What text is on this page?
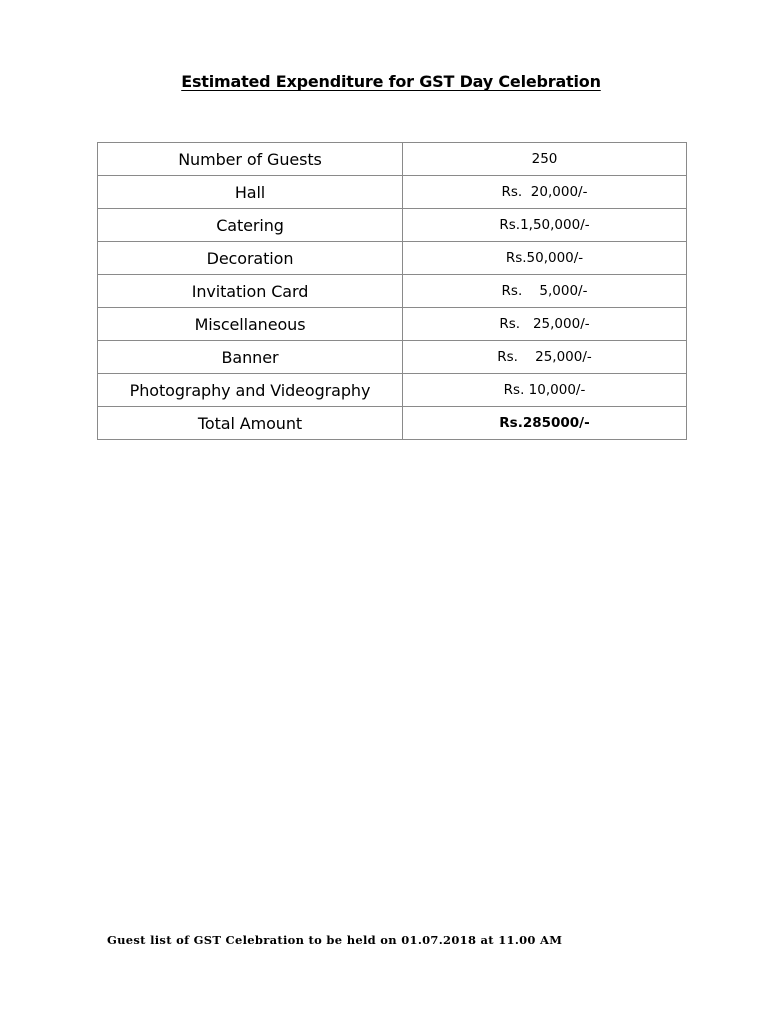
Estimated Expenditure for GST Day Celebration
Number of Guests	250
Hall	Rs.  20,000/-
Catering	Rs.1,50,000/-
Decoration	Rs.50,000/-
Invitation Card	Rs.    5,000/-
Miscellaneous	Rs.   25,000/-
Banner	Rs.    25,000/-
Photography and Videography	Rs. 10,000/-
Total Amount	Rs.285000/-
Guest list of GST Celebration to be held on 01.07.2018 at 11.00 AM
